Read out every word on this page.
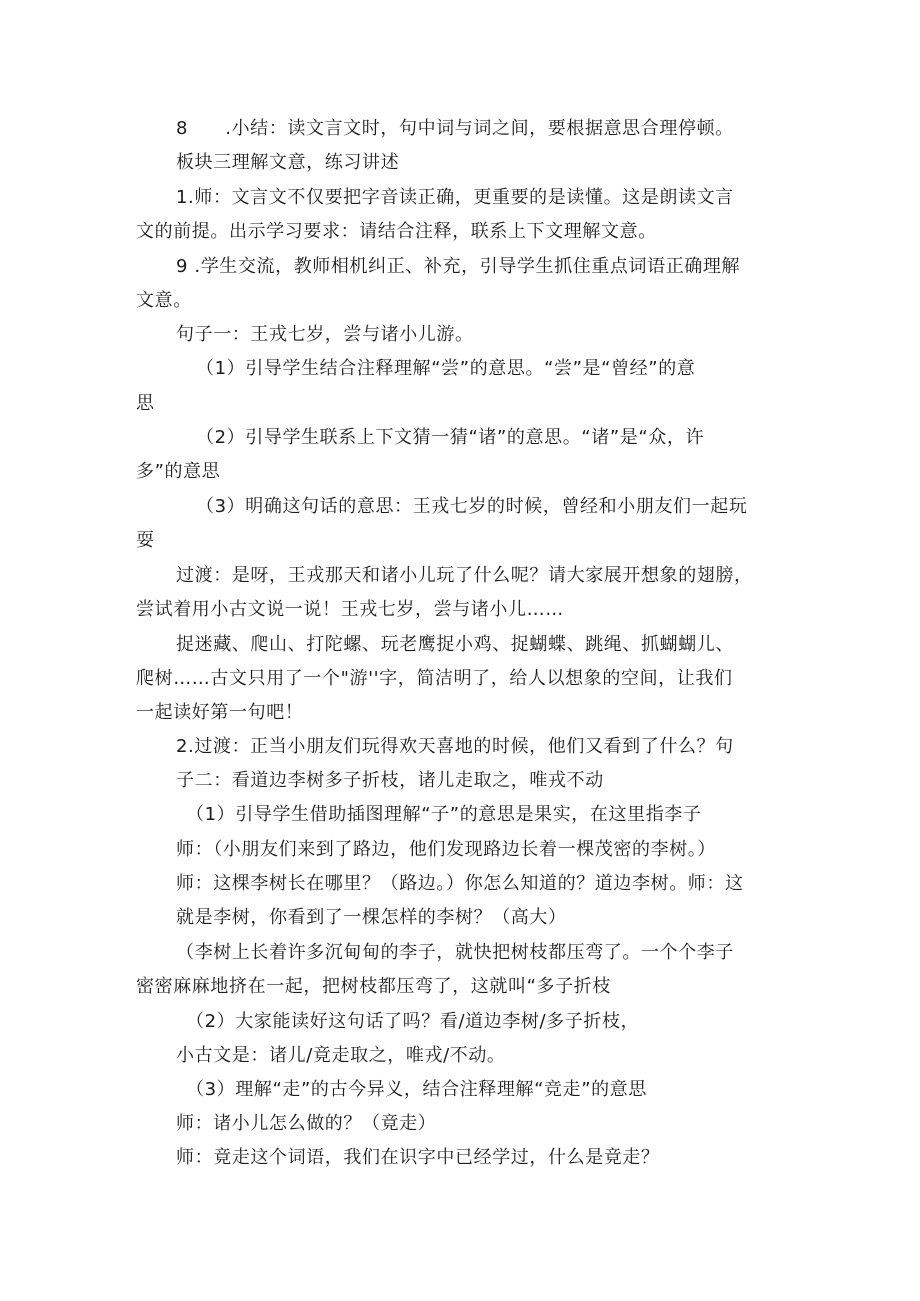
8　　.小结：读文言文时，句中词与词之间，要根据意思合理停顿。
板块三理解文意，练习讲述
1.师：文言文不仅要把字音读正确，更重要的是读懂。这是朗读文言
文的前提。出示学习要求：请结合注释，联系上下文理解文意。
9 .学生交流，教师相机纠正、补充，引导学生抓住重点词语正确理解
文意。
句子一：王戎七岁，尝与诸小儿游。
（1）引导学生结合注释理解“尝”的意思。“尝”是“曾经”的意
思
（2）引导学生联系上下文猜一猜“诸”的意思。“诸”是“众，许
多”的意思
（3）明确这句话的意思：王戎七岁的时候，曾经和小朋友们一起玩
耍
过渡：是呀，王戎那天和诸小儿玩了什么呢？请大家展开想象的翅膀，
尝试着用小古文说一说！王戎七岁，尝与诸小儿……
捉迷藏、爬山、打陀螺、玩老鹰捉小鸡、捉蝴蝶、跳绳、抓蝴蝴儿、
爬树……古文只用了一个"游''字，简洁明了，给人以想象的空间，让我们
一起读好第一句吧！
2.过渡：正当小朋友们玩得欢天喜地的时候，他们又看到了什么？句
子二：看道边李树多子折枝，诸儿走取之，唯戎不动
（1）引导学生借助插图理解“子”的意思是果实，在这里指李子
师：（小朋友们来到了路边，他们发现路边长着一棵茂密的李树。）
师：这棵李树长在哪里？（路边。）你怎么知道的？道边李树。师：这
就是李树，你看到了一棵怎样的李树？（高大）
（李树上长着许多沉甸甸的李子，就快把树枝都压弯了。一个个李子
密密麻麻地挤在一起，把树枝都压弯了，这就叫“多子折枝
（2）大家能读好这句话了吗？看/道边李树/多子折枝，
小古文是：诸儿/竟走取之，唯戎/不动。
（3）理解“走”的古今异义，结合注释理解“竞走”的意思
师：诸小儿怎么做的？（竟走）
师：竟走这个词语，我们在识字中已经学过，什么是竟走？
